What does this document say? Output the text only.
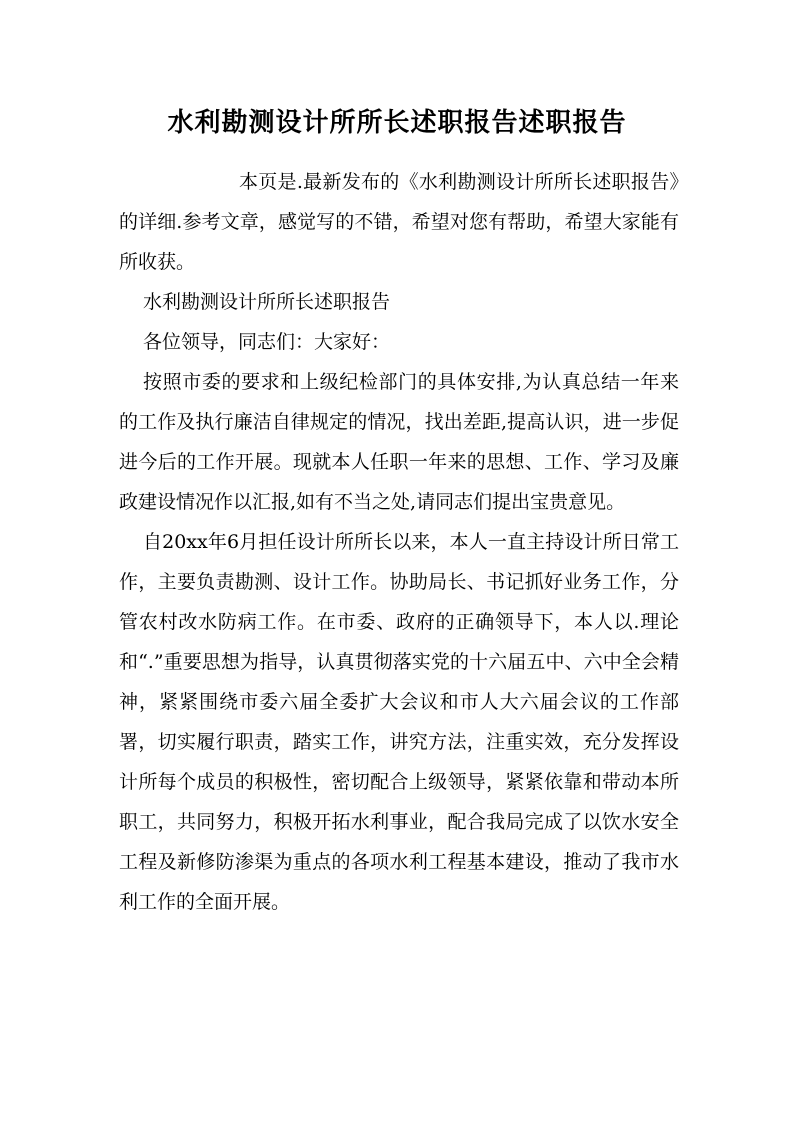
水利勘测设计所所长述职报告述职报告

本页是.最新发布的《水利勘测设计所所长述职报告》的详细.参考文章，感觉写的不错，希望对您有帮助，希望大家能有所收获。

水利勘测设计所所长述职报告

各位领导，同志们：大家好：

按照市委的要求和上级纪检部门的具体安排,为认真总结一年来的工作及执行廉洁自律规定的情况，找出差距,提高认识，进一步促进今后的工作开展。现就本人任职一年来的思想、工作、学习及廉政建设情况作以汇报,如有不当之处,请同志们提出宝贵意见。

自20xx年6月担任设计所所长以来，本人一直主持设计所日常工作，主要负责勘测、设计工作。协助局长、书记抓好业务工作，分管农村改水防病工作。在市委、政府的正确领导下，本人以.理论和“.”重要思想为指导，认真贯彻落实党的十六届五中、六中全会精神，紧紧围绕市委六届全委扩大会议和市人大六届会议的工作部署，切实履行职责，踏实工作，讲究方法，注重实效，充分发挥设计所每个成员的积极性，密切配合上级领导，紧紧依靠和带动本所职工，共同努力，积极开拓水利事业，配合我局完成了以饮水安全工程及新修防渗渠为重点的各项水利工程基本建设，推动了我市水利工作的全面开展。
